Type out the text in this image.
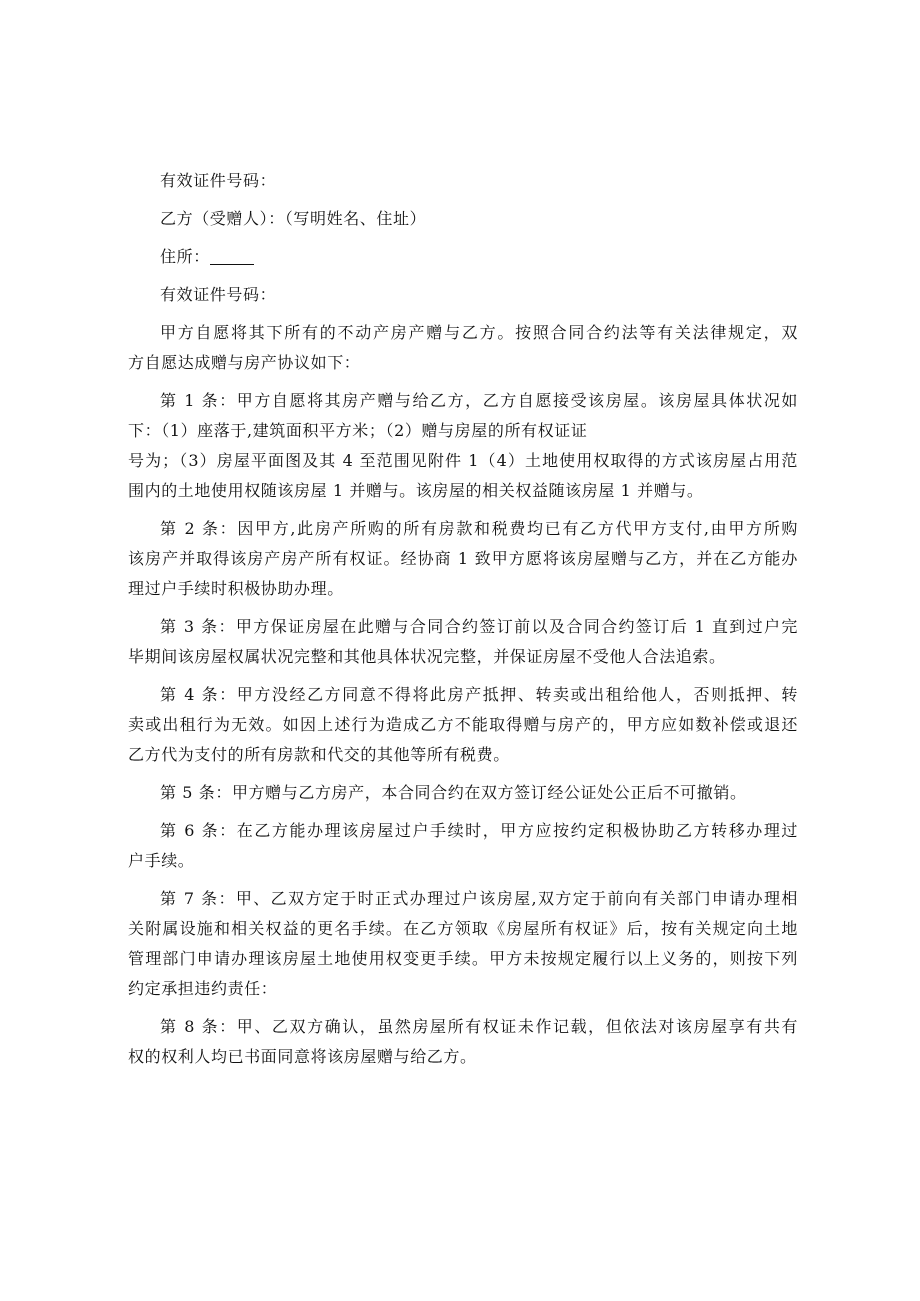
有效证件号码：

乙方（受赠人）：（写明姓名、住址）

住所：

有效证件号码：

甲方自愿将其下所有的不动产房产赠与乙方。按照合同合约法等有关法律规定，双
方自愿达成赠与房产协议如下：

第 1 条：甲方自愿将其房产赠与给乙方，乙方自愿接受该房屋。该房屋具体状况如
下：（1）座落于,建筑面积平方米；（2）赠与房屋的所有权证证
号为；（3）房屋平面图及其 4 至范围见附件 1（4）土地使用权取得的方式该房屋占用范
围内的土地使用权随该房屋 1 并赠与。该房屋的相关权益随该房屋 1 并赠与。

第 2 条：因甲方,此房产所购的所有房款和税费均已有乙方代甲方支付,由甲方所购
该房产并取得该房产房产所有权证。经协商 1 致甲方愿将该房屋赠与乙方，并在乙方能办
理过户手续时积极协助办理。

第 3 条：甲方保证房屋在此赠与合同合约签订前以及合同合约签订后 1 直到过户完
毕期间该房屋权属状况完整和其他具体状况完整，并保证房屋不受他人合法追索。

第 4 条：甲方没经乙方同意不得将此房产抵押、转卖或出租给他人，否则抵押、转
卖或出租行为无效。如因上述行为造成乙方不能取得赠与房产的，甲方应如数补偿或退还
乙方代为支付的所有房款和代交的其他等所有税费。

第 5 条：甲方赠与乙方房产，本合同合约在双方签订经公证处公正后不可撤销。

第 6 条：在乙方能办理该房屋过户手续时，甲方应按约定积极协助乙方转移办理过
户手续。

第 7 条：甲、乙双方定于时正式办理过户该房屋,双方定于前向有关部门申请办理相
关附属设施和相关权益的更名手续。在乙方领取《房屋所有权证》后，按有关规定向土地
管理部门申请办理该房屋土地使用权变更手续。甲方未按规定履行以上义务的，则按下列
约定承担违约责任：

第 8 条：甲、乙双方确认，虽然房屋所有权证未作记载，但依法对该房屋享有共有
权的权利人均已书面同意将该房屋赠与给乙方。
